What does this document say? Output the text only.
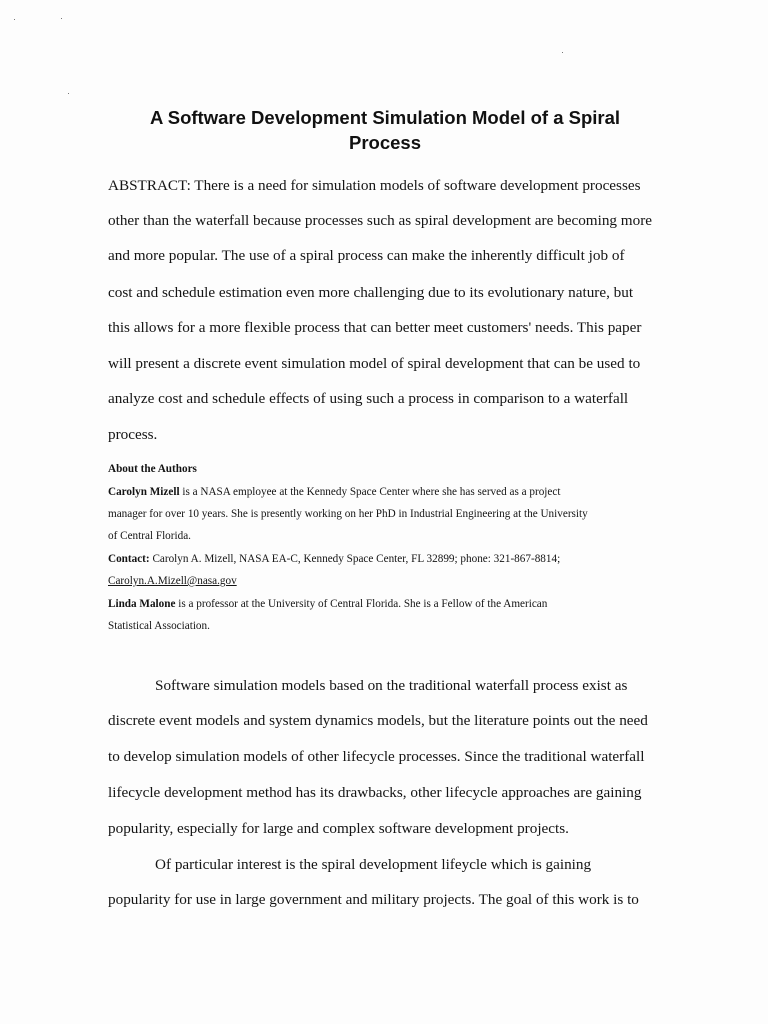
A Software Development Simulation Model of a Spiral
Process
ABSTRACT: There is a need for simulation models of software development processes
other than the waterfall because processes such as spiral development are becoming more
and more popular. The use of a spiral process can make the inherently difficult job of
cost and schedule estimation even more challenging due to its evolutionary nature, but
this allows for a more flexible process that can better meet customers' needs. This paper
will present a discrete event simulation model of spiral development that can be used to
analyze cost and schedule effects of using such a process in comparison to a waterfall
process.
About the Authors
Carolyn Mizell is a NASA employee at the Kennedy Space Center where she has served as a project
manager for over 10 years. She is presently working on her PhD in Industrial Engineering at the University
of Central Florida.
Contact: Carolyn A. Mizell, NASA EA-C, Kennedy Space Center, FL 32899; phone: 321-867-8814;
Carolyn.A.Mizell@nasa.gov
Linda Malone is a professor at the University of Central Florida. She is a Fellow of the American
Statistical Association.
Software simulation models based on the traditional waterfall process exist as
discrete event models and system dynamics models, but the literature points out the need
to develop simulation models of other lifecycle processes. Since the traditional waterfall
lifecycle development method has its drawbacks, other lifecycle approaches are gaining
popularity, especially for large and complex software development projects.
Of particular interest is the spiral development lifeycle which is gaining
popularity for use in large government and military projects. The goal of this work is to
